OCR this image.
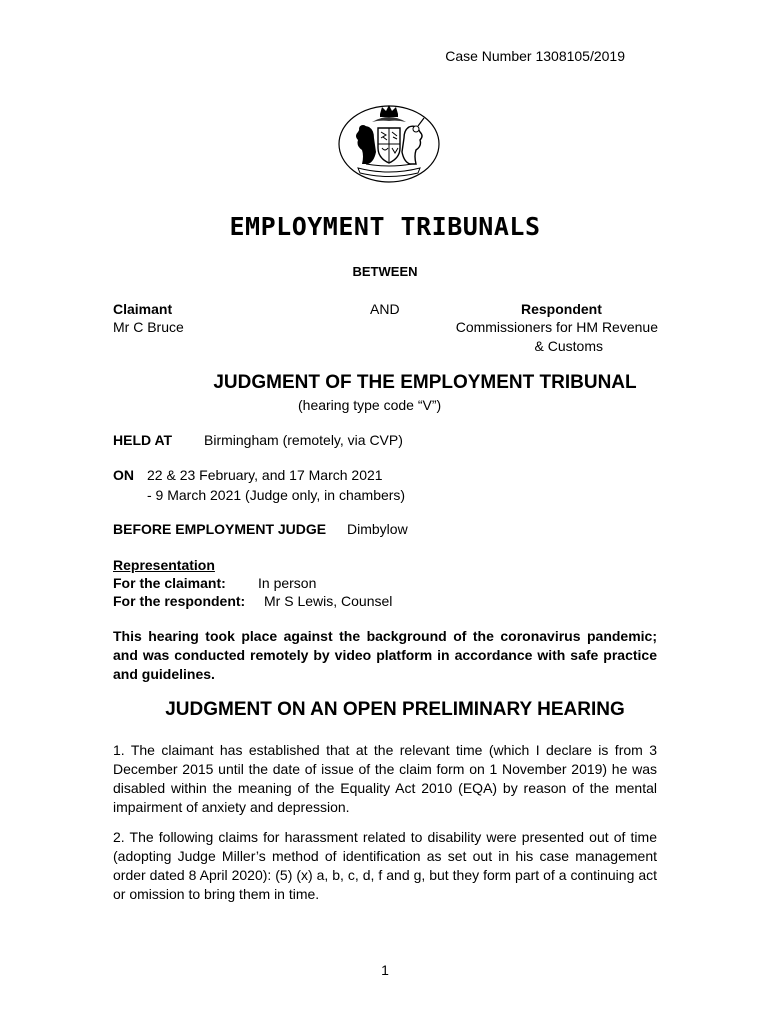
Case Number 1308105/2019
EMPLOYMENT TRIBUNALS
BETWEEN
Claimant
Mr C Bruce
AND	Respondent
Commissioners for HM Revenue
& Customs
JUDGMENT OF THE EMPLOYMENT TRIBUNAL
(hearing type code “V”)
HELD AT Birmingham (remotely, via CVP)
ON 22 & 23 February, and 17 March 2021
- 9 March 2021 (Judge only, in chambers)
BEFORE EMPLOYMENT JUDGE Dimbylow
Representation
For the claimant: In person
For the respondent: Mr S Lewis, Counsel
This hearing took place against the background of the coronavirus pandemic; and was conducted remotely by video platform in accordance with safe practice and guidelines.
JUDGMENT ON AN OPEN PRELIMINARY HEARING
1. The claimant has established that at the relevant time (which I declare is from 3 December 2015 until the date of issue of the claim form on 1 November 2019) he was disabled within the meaning of the Equality Act 2010 (EQA) by reason of the mental impairment of anxiety and depression.
2. The following claims for harassment related to disability were presented out of time (adopting Judge Miller’s method of identification as set out in his case management order dated 8 April 2020): (5) (x) a, b, c, d, f and g, but they form part of a continuing act or omission to bring them in time.
1
